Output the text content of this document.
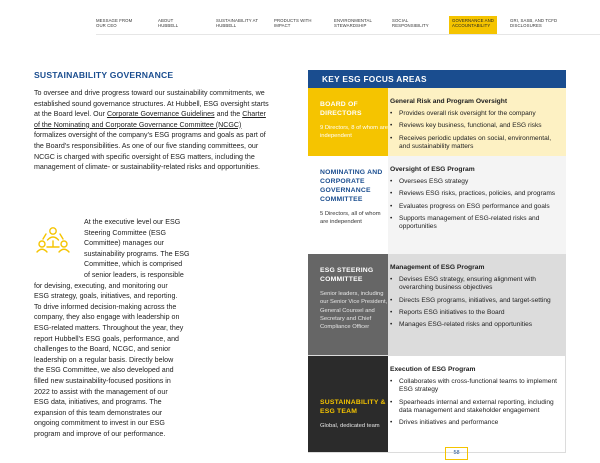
MESSAGE FROM
OUR CEO
ABOUT
HUBBELL
SUSTAINABILITY AT
HUBBELL
PRODUCTS WITH
IMPACT
ENVIRONMENTAL
STEWARDSHIP
SOCIAL
RESPONSIBILITY
GOVERNANCE AND
ACCOUNTABILITY
GRI, SASB, AND TCFD
DISCLOSURES
SUSTAINABILITY GOVERNANCE

To oversee and drive progress toward our sustainability commitments, we established sound governance structures. At Hubbell, ESG oversight starts at the Board level. Our Corporate Governance Guidelines and the Charter of the Nominating and Corporate Governance Committee (NCGC) formalizes oversight of the company’s ESG programs and goals as part of the Board’s responsibilities. As one of our five standing committees, our NCGC is charged with specific oversight of ESG matters, including the management of climate- or sustainability-related risks and opportunities.

At the executive level our ESG
Steering Committee (ESG
Committee) manages our
sustainability programs. The ESG
Committee, which is comprised
of senior leaders, is responsible
for devising, executing, and monitoring our
ESG strategy, goals, initiatives, and reporting.
To drive informed decision-making across the
company, they also engage with leadership on
ESG-related matters. Throughout the year, they
report Hubbell’s ESG goals, performance, and
challenges to the Board, NCGC, and senior
leadership on a regular basis. Directly below
the ESG Committee, we also developed and
filled new sustainability-focused positions in
2022 to assist with the management of our
ESG data, initiatives, and programs. The
expansion of this team demonstrates our
ongoing commitment to invest in our ESG
program and improve of our performance.

KEY ESG FOCUS AREAS
BOARD OF DIRECTORS
9 Directors, 8 of whom are independent
General Risk and Program Oversight
• Provides overall risk oversight for the company
• Reviews key business, functional, and ESG risks
• Receives periodic updates on social, environmental, and sustainability matters
NOMINATING AND CORPORATE GOVERNANCE COMMITTEE
5 Directors, all of whom are independent
Oversight of ESG Program
• Oversees ESG strategy
• Reviews ESG risks, practices, policies, and programs
• Evaluates progress on ESG performance and goals
• Supports management of ESG-related risks and opportunities
ESG STEERING COMMITTEE
Senior leaders, including our Senior Vice President, General Counsel and Secretary and Chief Compliance Officer
Management of ESG Program
• Devises ESG strategy, ensuring alignment with overarching business objectives
• Directs ESG programs, initiatives, and target-setting
• Reports ESG initiatives to the Board
• Manages ESG-related risks and opportunities
SUSTAINABILITY & ESG TEAM
Global, dedicated team
Execution of ESG Program
• Collaborates with cross-functional teams to implement ESG strategy
• Spearheads internal and external reporting, including data management and stakeholder engagement
• Drives initiatives and performance
58
